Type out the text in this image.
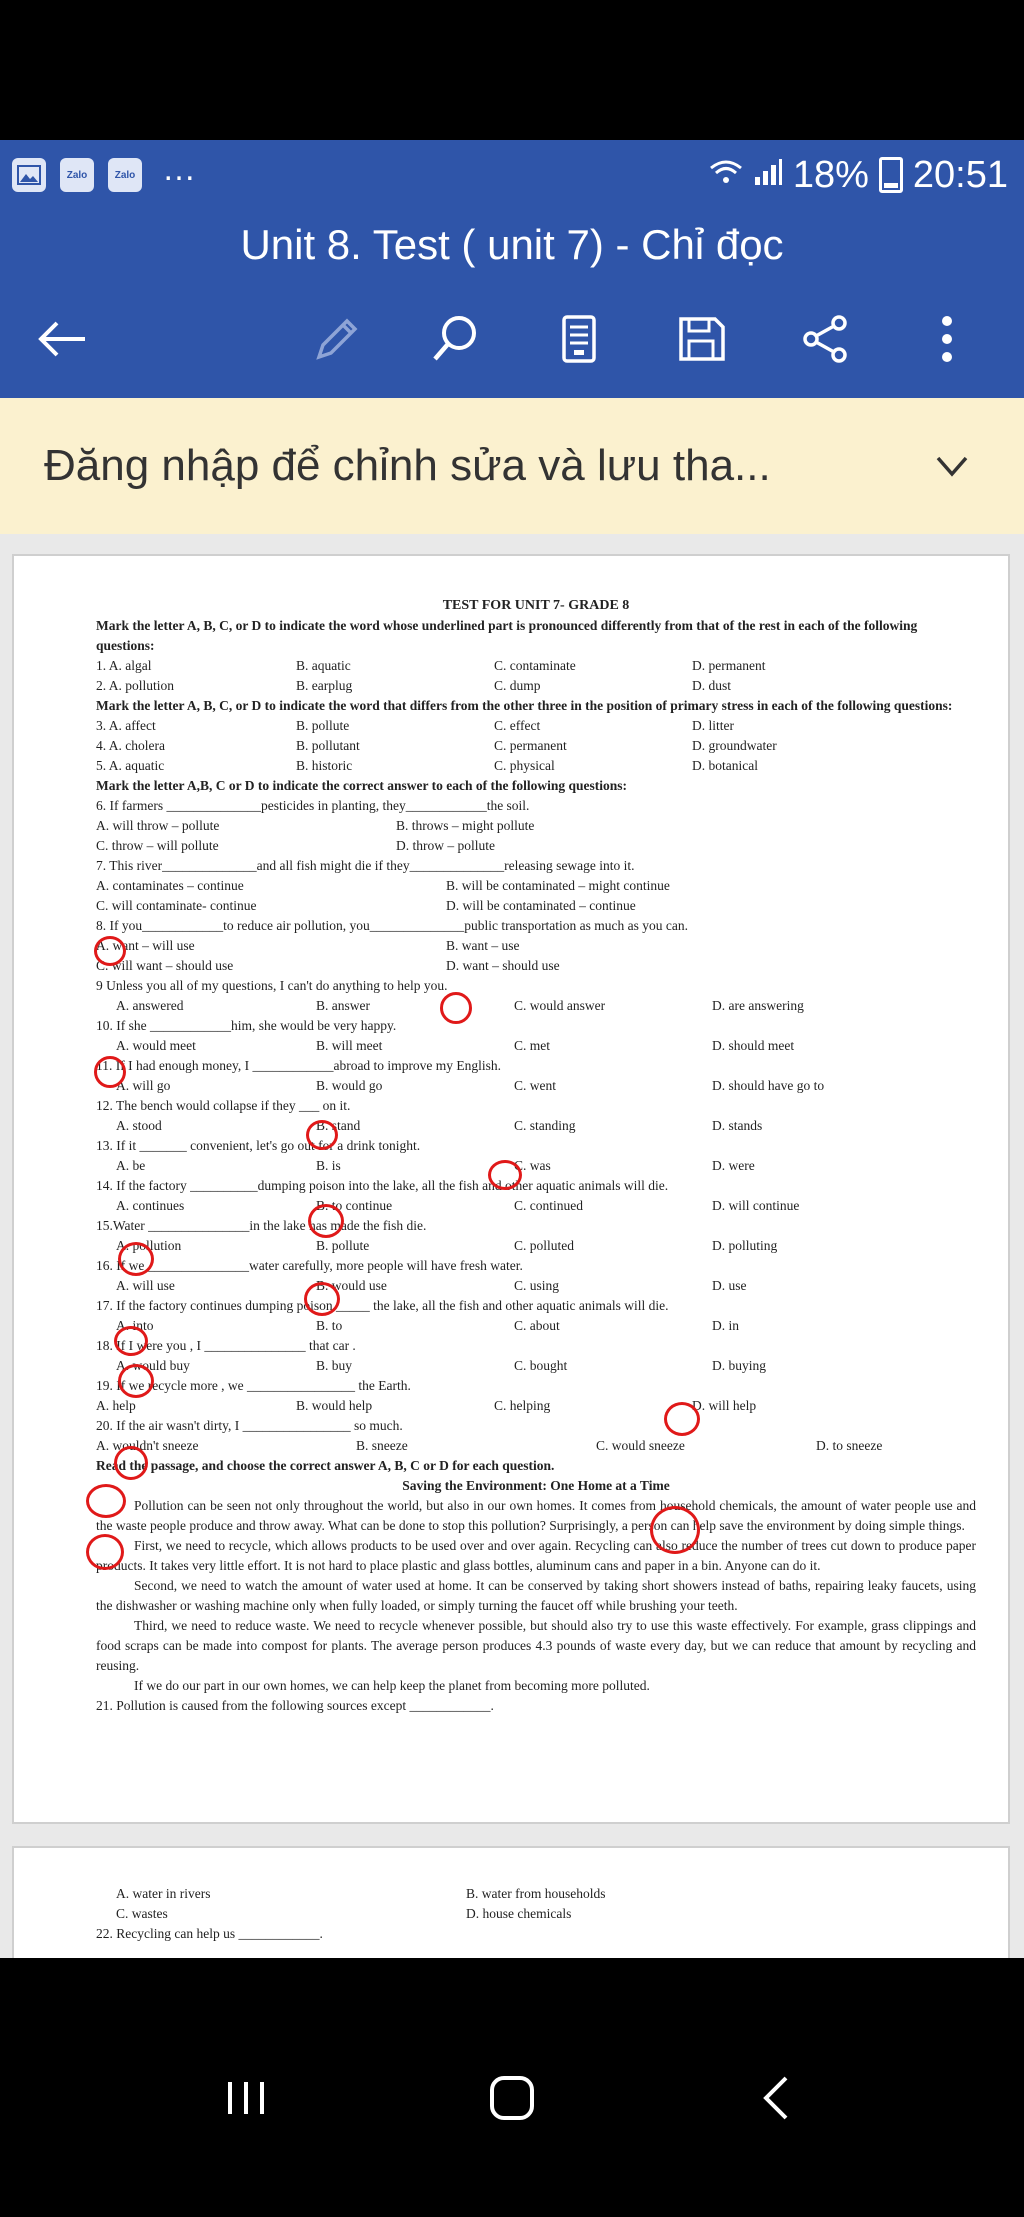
Zalo	Zalo …	18% 20:51
Unit 8. Test ( unit 7) - Chỉ đọc
Đăng nhập để chỉnh sửa và lưu tha...
TEST FOR UNIT 7- GRADE 8
Mark the letter A, B, C, or D to indicate the word whose underlined part is pronounced differently from that of the rest in each of the following questions:
1. A. algal	B. aquatic	C. contaminate	D. permanent
2. A. pollution	B. earplug	C. dump	D. dust
Mark the letter A, B, C, or D to indicate the word that differs from the other three in the position of primary stress in each of the following questions:
3. A. affect	B. pollute	C. effect	D. litter
4. A. cholera	B. pollutant	C. permanent	D. groundwater
5. A. aquatic	B. historic	C. physical	D. botanical
Mark the letter A,B, C or D to indicate the correct answer to each of the following questions:
6. If farmers ______________pesticides in planting, they____________the soil.
A. will throw – pollute	B. throws – might pollute
C. throw – will pollute	D. throw – pollute
7. This river______________and all fish might die if they______________releasing sewage into it.
A. contaminates – continue	B. will be contaminated – might continue
C. will contaminate- continue	D. will be contaminated – continue
8. If you____________to reduce air pollution, you______________public transportation as much as you can.
A. want – will use	B. want – use
C. will want – should use	D. want – should use
9 Unless you all of my questions, I can't do anything to help you.
A. answered	B. answer	C. would answer	D. are answering
10. If she ____________him, she would be very happy.
A. would meet	B. will meet	C. met	D. should meet
11. If I had enough money, I ____________abroad to improve my English.
A. will go	B. would go	C. went	D. should have go to
12. The bench would collapse if they ___ on it.
A. stood	B. stand	C. standing	D. stands
13. If it _______ convenient, let's go out for a drink tonight.
A. be	B. is	C. was	D. were
14. If the factory __________dumping poison into the lake, all the fish and other aquatic animals will die.
A. continues	B. to continue	C. continued	D. will continue
15.Water _______________in the lake has made the fish die.
A. pollution	B. pollute	C. polluted	D. polluting
16. If we _______________water carefully, more people will have fresh water.
A. will use	B. would use	C. using	D. use
17. If the factory continues dumping poison _____ the lake, all the fish and other aquatic animals will die.
A. into	B. to	C. about	D. in
18. If I were you , I _______________ that car .
A. would buy	B. buy	C. bought	D. buying
19. If we recycle more , we ________________ the Earth.
A. help	B. would help	C. helping	D. will help
20. If the air wasn't dirty, I ________________ so much.
A. wouldn't sneeze	B. sneeze	C. would sneeze	D. to sneeze
Read the passage, and choose the correct answer A, B, C or D for each question.
Saving the Environment: One Home at a Time
Pollution can be seen not only throughout the world, but also in our own homes. It comes from household chemicals, the amount of water people use and the waste people produce and throw away. What can be done to stop this pollution? Surprisingly, a person can help save the environment by doing simple things.
First, we need to recycle, which allows products to be used over and over again. Recycling can also reduce the number of trees cut down to produce paper products. It takes very little effort. It is not hard to place plastic and glass bottles, aluminum cans and paper in a bin. Anyone can do it.
Second, we need to watch the amount of water used at home. It can be conserved by taking short showers instead of baths, repairing leaky faucets, using the dishwasher or washing machine only when fully loaded, or simply turning the faucet off while brushing your teeth.
Third, we need to reduce waste. We need to recycle whenever possible, but should also try to use this waste effectively. For example, grass clippings and food scraps can be made into compost for plants. The average person produces 4.3 pounds of waste every day, but we can reduce that amount by recycling and reusing.
If we do our part in our own homes, we can help keep the planet from becoming more polluted.
21. Pollution is caused from the following sources except ____________.
A. water in rivers	B. water from households
C. wastes	D. house chemicals
22. Recycling can help us ____________.
